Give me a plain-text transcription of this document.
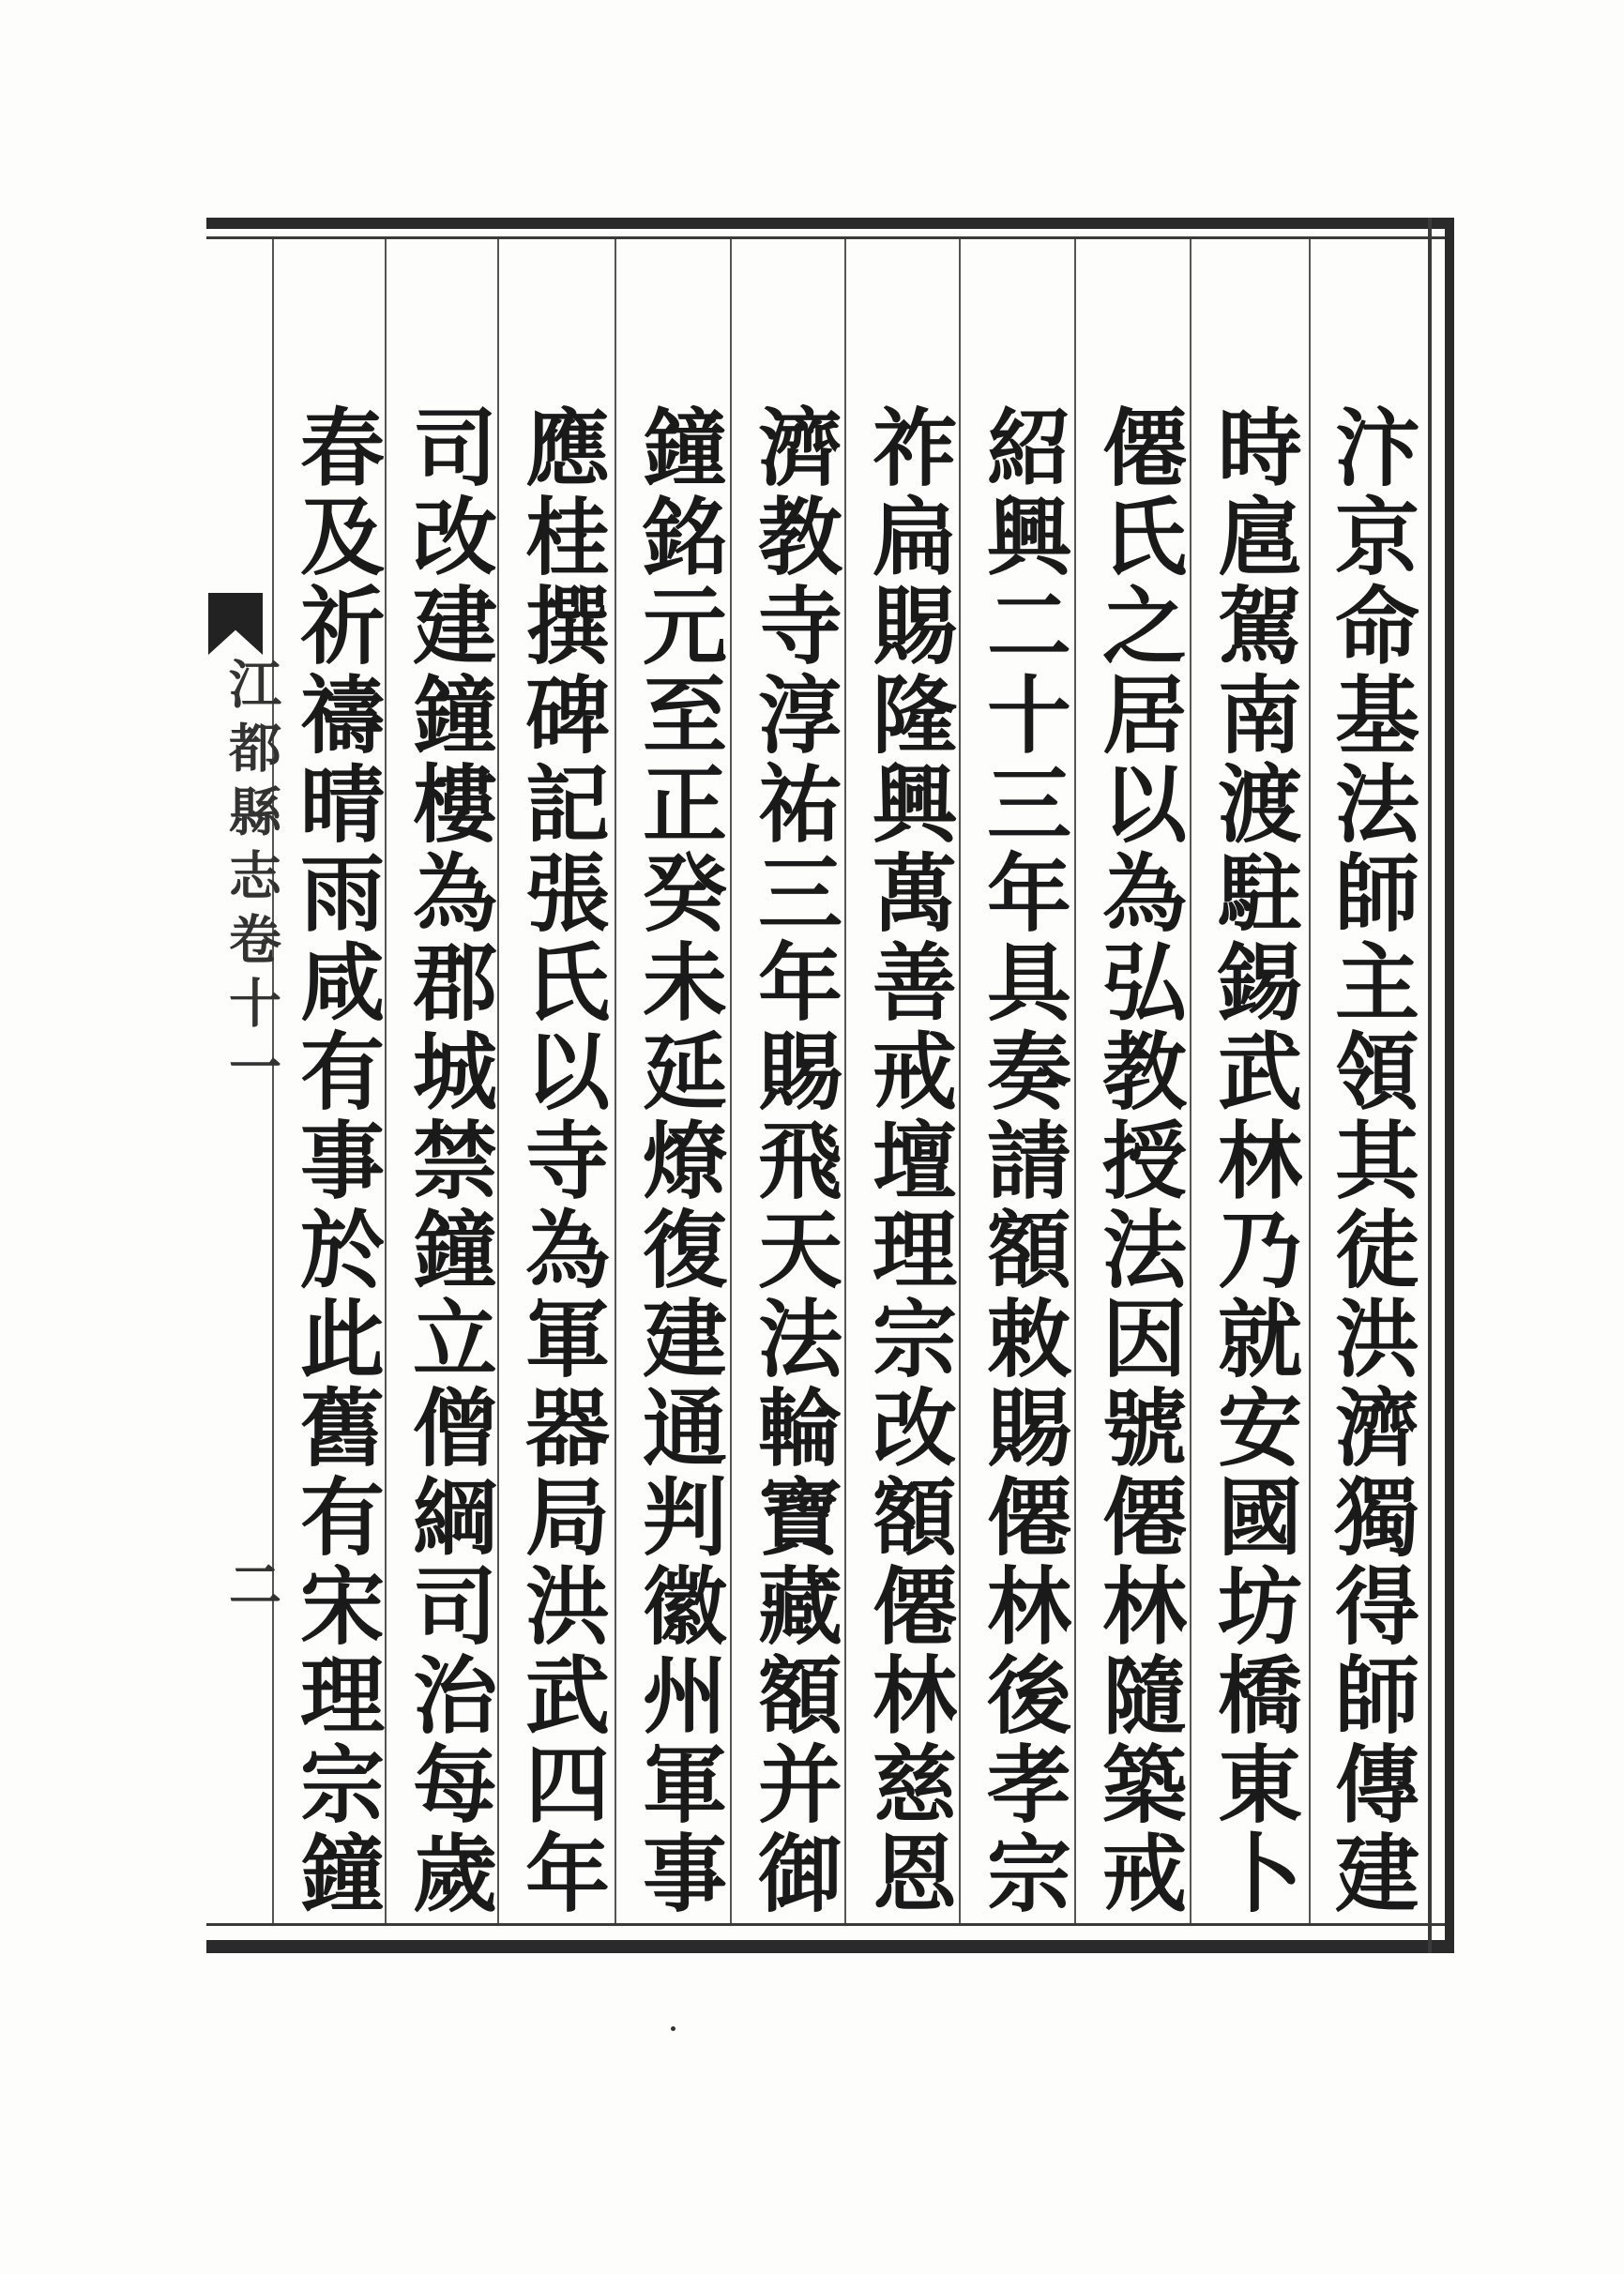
江都縣志卷十一
二
汴京命基法師主領其徒洪濟獨得師傳建
時扈駕南渡駐錫武林乃就安國坊橋東卜
僊氏之居以為弘教授法因號僊林隨築戒
紹興二十三年具奏請額敕賜僊林後孝宗
祚扁賜隆興萬善戒壇理宗改額僊林慈恩
濟教寺淳祐三年賜飛天法輪寶藏額并御
鐘銘元至正癸未延燎復建通判徽州軍事
應桂撰碑記張氏以寺為軍器局洪武四年
司改建鐘樓為郡城禁鐘立僧綱司治每歲
春及祈禱晴雨咸有事於此舊有宋理宗鐘
